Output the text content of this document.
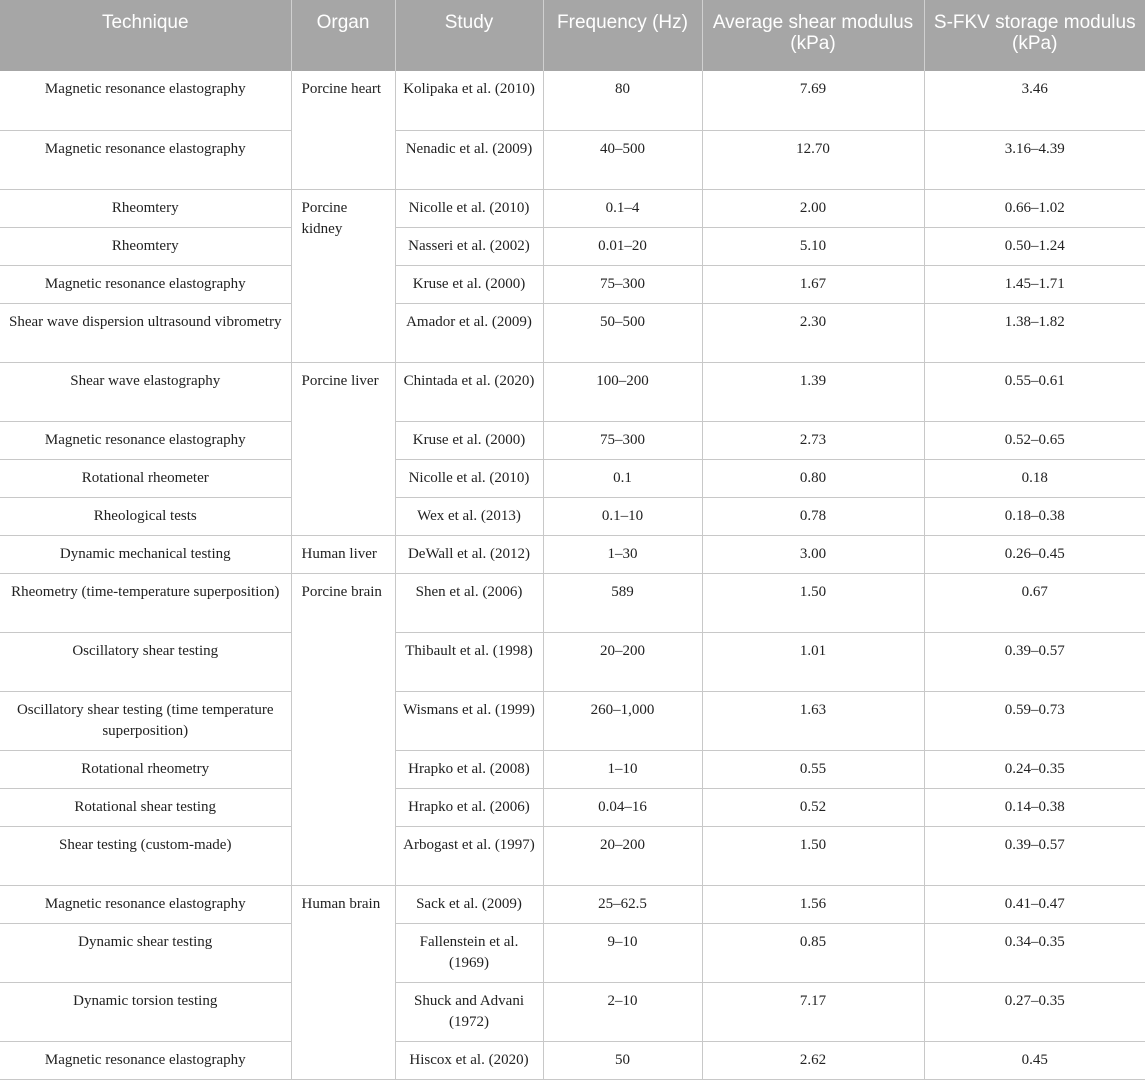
Technique	Organ	Study	Frequency (Hz)	Average shear modulus (kPa)	S-FKV storage modulus (kPa)
Magnetic resonance elastography	Porcine heart	Kolipaka et al. (2010)	80	7.69	3.46
Magnetic resonance elastography		Nenadic et al. (2009)	40–500	12.70	3.16–4.39
Rheomtery	Porcine kidney	Nicolle et al. (2010)	0.1–4	2.00	0.66–1.02
Rheomtery		Nasseri et al. (2002)	0.01–20	5.10	0.50–1.24
Magnetic resonance elastography		Kruse et al. (2000)	75–300	1.67	1.45–1.71
Shear wave dispersion ultrasound vibrometry		Amador et al. (2009)	50–500	2.30	1.38–1.82
Shear wave elastography	Porcine liver	Chintada et al. (2020)	100–200	1.39	0.55–0.61
Magnetic resonance elastography		Kruse et al. (2000)	75–300	2.73	0.52–0.65
Rotational rheometer		Nicolle et al. (2010)	0.1	0.80	0.18
Rheological tests		Wex et al. (2013)	0.1–10	0.78	0.18–0.38
Dynamic mechanical testing	Human liver	DeWall et al. (2012)	1–30	3.00	0.26–0.45
Rheometry (time-temperature superposition)	Porcine brain	Shen et al. (2006)	589	1.50	0.67
Oscillatory shear testing		Thibault et al. (1998)	20–200	1.01	0.39–0.57
Oscillatory shear testing (time temperature superposition)		Wismans et al. (1999)	260–1,000	1.63	0.59–0.73
Rotational rheometry		Hrapko et al. (2008)	1–10	0.55	0.24–0.35
Rotational shear testing		Hrapko et al. (2006)	0.04–16	0.52	0.14–0.38
Shear testing (custom-made)		Arbogast et al. (1997)	20–200	1.50	0.39–0.57
Magnetic resonance elastography	Human brain	Sack et al. (2009)	25–62.5	1.56	0.41–0.47
Dynamic shear testing		Fallenstein et al. (1969)	9–10	0.85	0.34–0.35
Dynamic torsion testing		Shuck and Advani (1972)	2–10	7.17	0.27–0.35
Magnetic resonance elastography		Hiscox et al. (2020)	50	2.62	0.45
